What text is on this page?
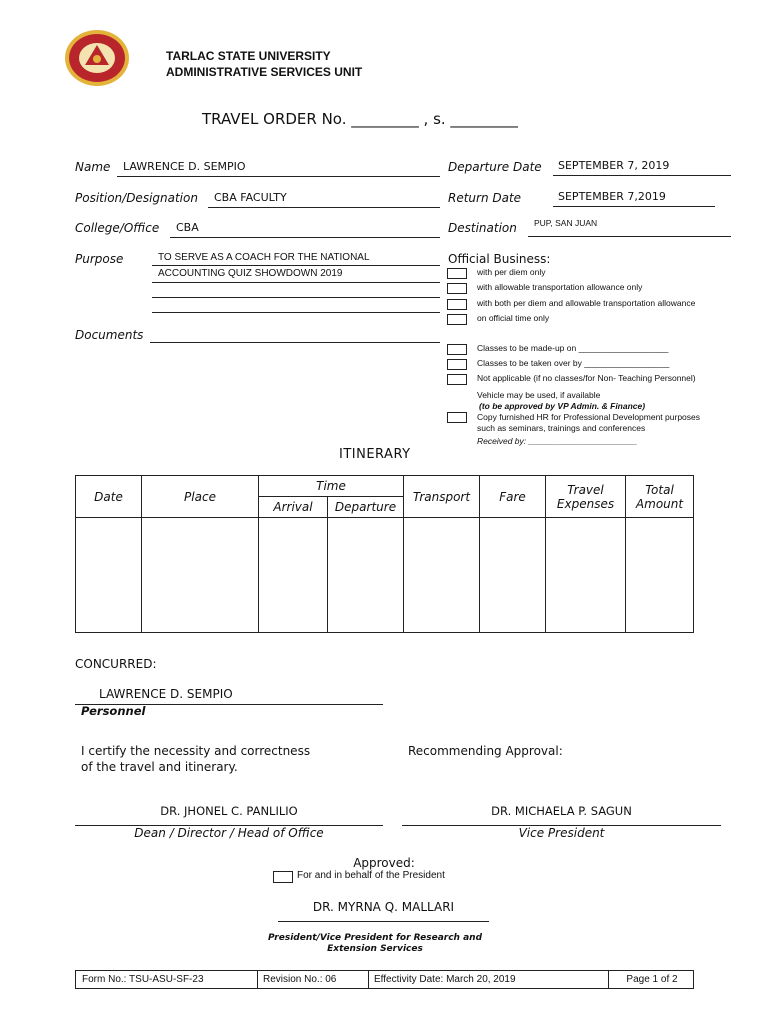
TARLAC STATE UNIVERSITY
ADMINISTRATIVE SERVICES UNIT
TRAVEL ORDER No. _________ , s. _________
Name LAWRENCE D. SEMPIO
Position/Designation CBA FACULTY
College/Office CBA
Purpose	TO SERVE AS A COACH FOR THE NATIONAL
ACCOUNTING QUIZ SHOWDOWN 2019
Documents
Departure Date SEPTEMBER 7, 2019
Return Date	SEPTEMBER 7,2019
Destination PUP, SAN JUAN
Official Business:
with per diem only
with allowable transportation allowance only
with both per diem and allowable transportation allowance
on official time only
Classes to be made-up on ___________________
Classes to be taken over by __________________
Not applicable (if no classes/for Non- Teaching Personnel)
Vehicle may be used, if available
(to be approved by VP Admin. & Finance)
Copy furnished HR for Professional Development purposes
such as seminars, trainings and conferences
Received by: _______________________
ITINERARY
Date	Place	Time		Transport	Fare	Travel Expenses	Total Amount
		Arrival	Departure				

CONCURRED:
LAWRENCE D. SEMPIO
Personnel
I certify the necessity and correctness
of the travel and itinerary.
Recommending Approval:
DR. JHONEL C. PANLILIO
Dean / Director / Head of Office
DR. MICHAELA P. SAGUN
Vice President
Approved:
For and in behalf of the President
DR. MYRNA Q. MALLARI
President/Vice President for Research and
Extension Services
Form No.: TSU-ASU-SF-23	Revision No.: 06	Effectivity Date: March 20, 2019	Page 1 of 2
